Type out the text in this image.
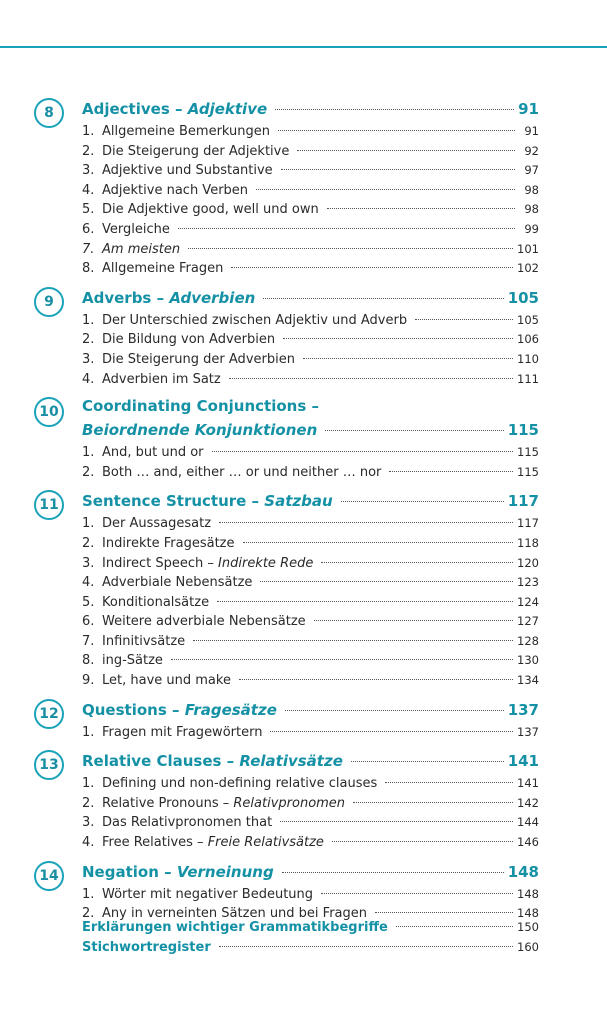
8	Adjectives – Adjektive	91
1. Allgemeine Bemerkungen	91
2. Die Steigerung der Adjektive	92
3. Adjektive und Substantive	97
4. Adjektive nach Verben	98
5. Die Adjektive good, well und own	98
6. Vergleiche	99
7. Am meisten	101
8. Allgemeine Fragen	102
9	Adverbs – Adverbien	105
1. Der Unterschied zwischen Adjektiv und Adverb	105
2. Die Bildung von Adverbien	106
3. Die Steigerung der Adverbien	110
4. Adverbien im Satz	111
10	Coordinating Conjunctions –
Beiordnende Konjunktionen	115
1. And, but und or	115
2. Both … and, either … or und neither … nor	115
11	Sentence Structure – Satzbau	117
1. Der Aussagesatz	117
2. Indirekte Fragesätze	118
3. Indirect Speech – Indirekte Rede	120
4. Adverbiale Nebensätze	123
5. Konditionalsätze	124
6. Weitere adverbiale Nebensätze	127
7. Infinitivsätze	128
8. ing-Sätze	130
9. Let, have und make	134
12	Questions – Fragesätze	137
1. Fragen mit Fragewörtern	137
13	Relative Clauses – Relativsätze	141
1. Defining und non-defining relative clauses	141
2. Relative Pronouns – Relativpronomen	142
3. Das Relativpronomen that	144
4. Free Relatives – Freie Relativsätze	146
14	Negation – Verneinung	148
1. Wörter mit negativer Bedeutung	148
2. Any in verneinten Sätzen und bei Fragen	148
Erklärungen wichtiger Grammatikbegriffe	150
Stichwortregister	160
